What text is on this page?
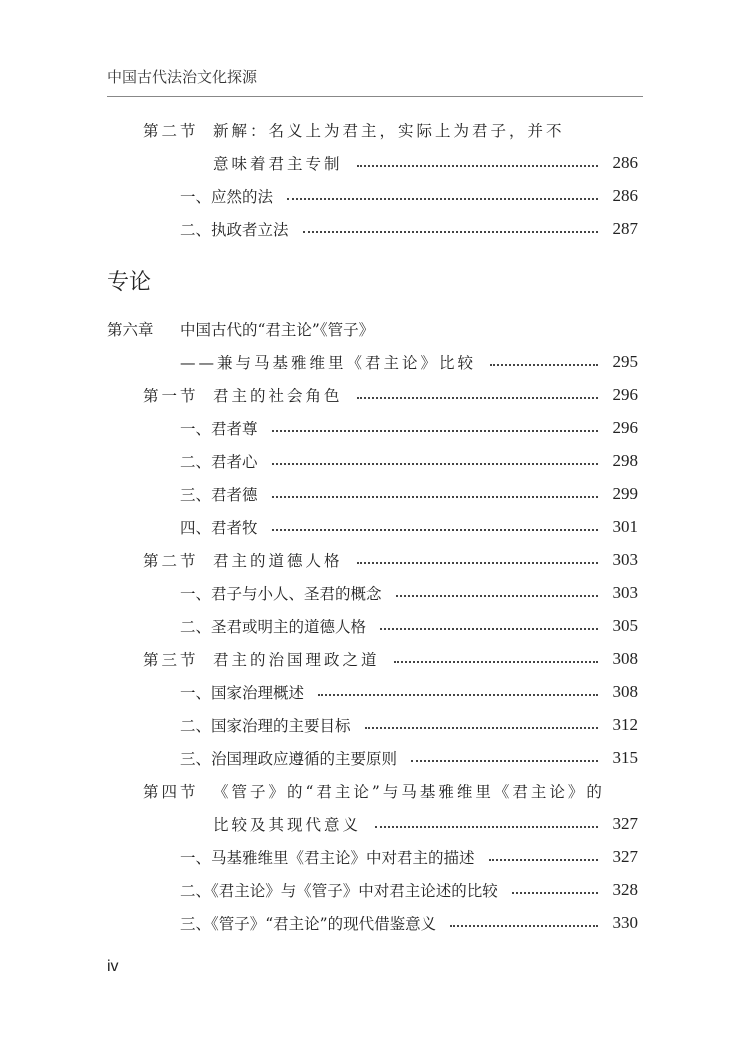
中国古代法治文化探源
第二节 新解：名义上为君主，实际上为君子，并不
意味着君主专制	286
一、应然的法	286
二、执政者立法	287
专论
第六章 中国古代的“君主论”《管子》
——兼与马基雅维里《君主论》比较	295
第一节 君主的社会角色	296
一、君者尊	296
二、君者心	298
三、君者德	299
四、君者牧	301
第二节 君主的道德人格	303
一、君子与小人、圣君的概念	303
二、圣君或明主的道德人格	305
第三节 君主的治国理政之道	308
一、国家治理概述	308
二、国家治理的主要目标	312
三、治国理政应遵循的主要原则	315
第四节 《管子》的“君主论”与马基雅维里《君主论》的
比较及其现代意义	327
一、马基雅维里《君主论》中对君主的描述	327
二、《君主论》与《管子》中对君主论述的比较	328
三、《管子》“君主论”的现代借鉴意义	330
iv
